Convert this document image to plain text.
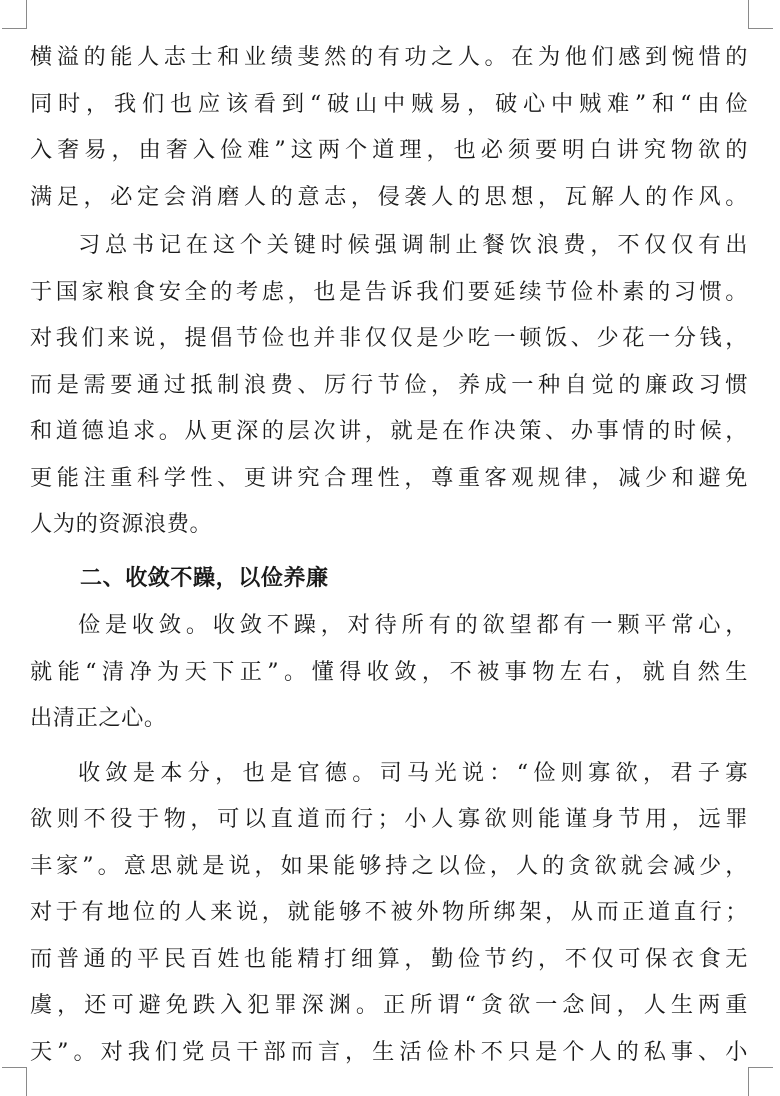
横溢的能人志士和业绩斐然的有功之人。在为他们感到惋惜的
同时，我们也应该看到“破山中贼易，破心中贼难”和“由俭
入奢易，由奢入俭难”这两个道理，也必须要明白讲究物欲的
满足，必定会消磨人的意志，侵袭人的思想，瓦解人的作风。
习总书记在这个关键时候强调制止餐饮浪费，不仅仅有出
于国家粮食安全的考虑，也是告诉我们要延续节俭朴素的习惯。
对我们来说，提倡节俭也并非仅仅是少吃一顿饭、少花一分钱，
而是需要通过抵制浪费、厉行节俭，养成一种自觉的廉政习惯
和道德追求。从更深的层次讲，就是在作决策、办事情的时候，
更能注重科学性、更讲究合理性，尊重客观规律，减少和避免
人为的资源浪费。
二、收敛不躁，以俭养廉
俭是收敛。收敛不躁，对待所有的欲望都有一颗平常心，
就能“清净为天下正”。懂得收敛，不被事物左右，就自然生
出清正之心。
收敛是本分，也是官德。司马光说：“俭则寡欲，君子寡
欲则不役于物，可以直道而行；小人寡欲则能谨身节用，远罪
丰家”。意思就是说，如果能够持之以俭，人的贪欲就会减少，
对于有地位的人来说，就能够不被外物所绑架，从而正道直行；
而普通的平民百姓也能精打细算，勤俭节约，不仅可保衣食无
虞，还可避免跌入犯罪深渊。正所谓“贪欲一念间，人生两重
天”。对我们党员干部而言，生活俭朴不只是个人的私事、小
